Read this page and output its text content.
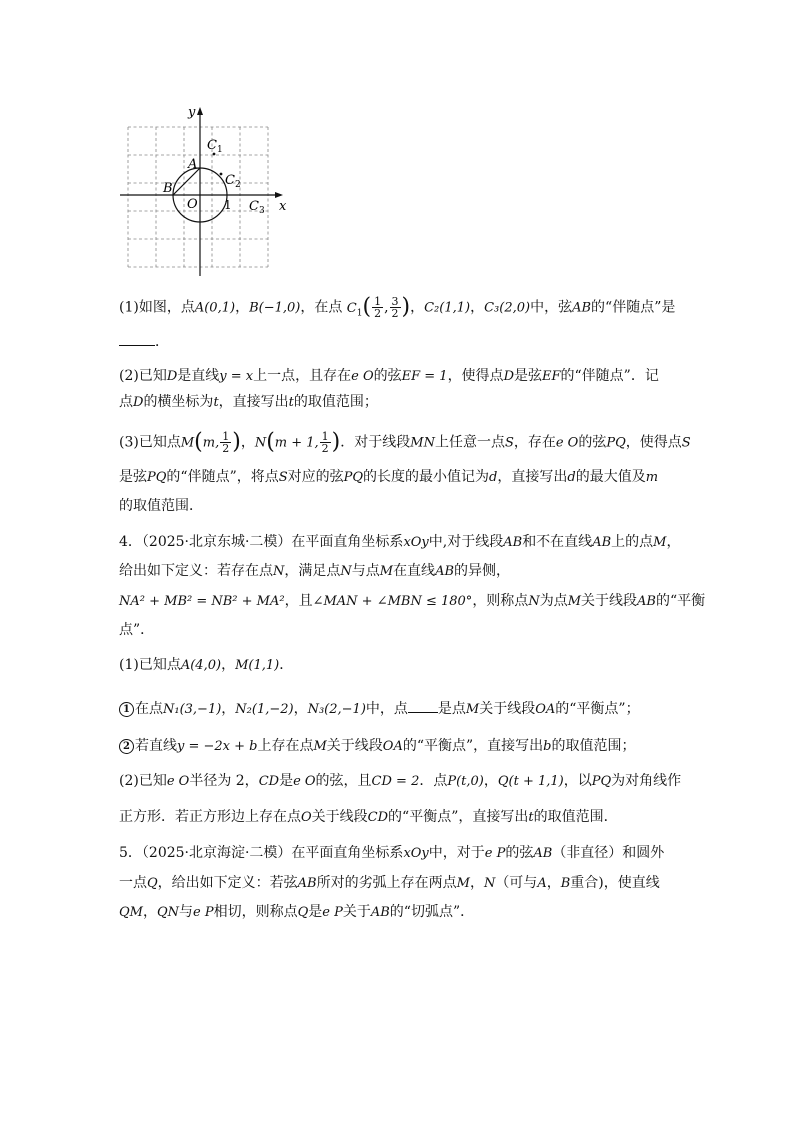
y
x
A
B
O 1
$C_1$
$C_2$
$C_3$
(1)如图，点A(0,1)，B(−1,0)，在点 $C_1( \frac{1}{2}$ , $\frac{3}{2}$ )，C₂(1,1)，C₃(2,0)中，弦AB的“伴随点”是
．
(2)已知D是直线y = x上一点，且存在e O的弦EF = 1，使得点D是弦EF的“伴随点”．记
点D的横坐标为t，直接写出t的取值范围；
(3)已知点M(m, $\frac{1}{2}$ )，N(m + 1, $\frac{1}{2}$ )．对于线段MN上任意一点S，存在e O的弦PQ，使得点S
是弦PQ的“伴随点”，将点S对应的弦PQ的长度的最小值记为d，直接写出d的最大值及m
的取值范围．
4．（2025·北京东城·二模）在平面直角坐标系xOy中,对于线段AB和不在直线AB上的点M，
给出如下定义：若存在点N，满足点N与点M在直线AB的异侧，
NA² + MB² = NB² + MA²，且∠MAN + ∠MBN ≤ 180°，则称点N为点M关于线段AB的“平衡
点”．
(1)已知点A(4,0)，M(1,1)．
1 在点N₁(3,−1)，N₂(1,−2)，N₃(2,−1)中，点 是点M关于线段OA的“平衡点”；
2 若直线y = −2x + b上存在点M关于线段OA的“平衡点”，直接写出b的取值范围；
(2)已知e O半径为 2，CD是e O的弦，且CD = 2．点P(t,0)，Q(t + 1,1)，以PQ为对角线作
正方形．若正方形边上存在点O关于线段CD的“平衡点”，直接写出t的取值范围．
5．（2025·北京海淀·二模）在平面直角坐标系xOy中，对于e P的弦AB（非直径）和圆外
一点Q，给出如下定义：若弦AB所对的劣弧上存在两点M，N（可与A，B重合)，使直线
QM，QN与e P相切，则称点Q是e P关于AB的“切弧点”．
